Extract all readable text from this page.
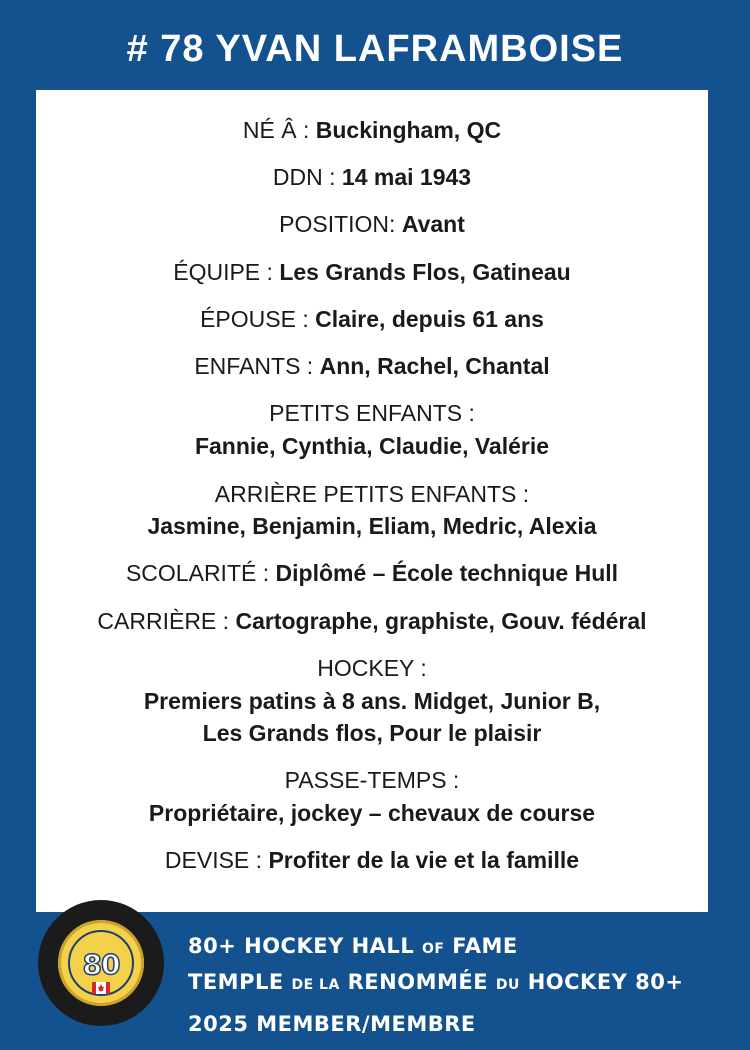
# 78 YVAN LAFRAMBOISE
NÉ Â : Buckingham, QC
DDN : 14 mai 1943
POSITION: Avant
ÉQUIPE : Les Grands Flos, Gatineau
ÉPOUSE : Claire, depuis 61 ans
ENFANTS : Ann, Rachel, Chantal
PETITS ENFANTS :
Fannie, Cynthia, Claudie, Valérie
ARRIÈRE PETITS ENFANTS :
Jasmine, Benjamin, Eliam, Medric, Alexia
SCOLARITÉ : Diplômé – École technique Hull
CARRIÈRE : Cartographe, graphiste, Gouv. fédéral
HOCKEY :
Premiers patins à 8 ans. Midget, Junior B,
Les Grands flos, Pour le plaisir
PASSE-TEMPS :
Propriétaire, jockey – chevaux de course
DEVISE : Profiter de la vie et la famille
80
80+ HOCKEY HALL OF FAME
TEMPLE DE LA RENOMMÉE DU HOCKEY 80+
2025 MEMBER/MEMBRE
